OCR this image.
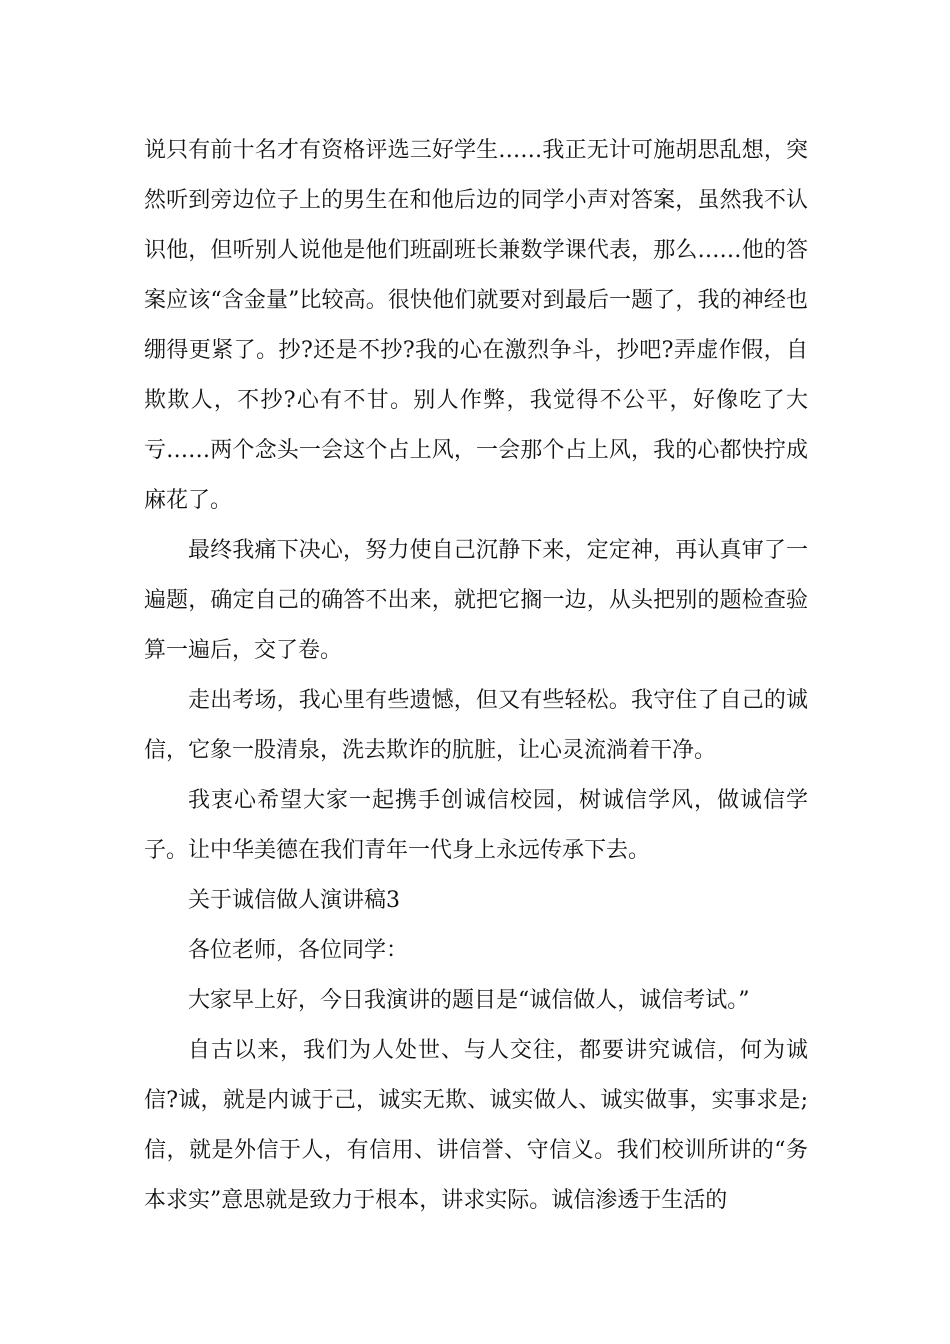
说只有前十名才有资格评选三好学生……我正无计可施胡思乱想，突然听到旁边位子上的男生在和他后边的同学小声对答案，虽然我不认识他，但听别人说他是他们班副班长兼数学课代表，那么……他的答案应该“含金量”比较高。很快他们就要对到最后一题了，我的神经也绷得更紧了。抄?还是不抄?我的心在激烈争斗，抄吧?弄虚作假，自欺欺人，不抄?心有不甘。别人作弊，我觉得不公平，好像吃了大亏……两个念头一会这个占上风，一会那个占上风，我的心都快拧成麻花了。

最终我痛下决心，努力使自己沉静下来，定定神，再认真审了一遍题，确定自己的确答不出来，就把它搁一边，从头把别的题检查验算一遍后，交了卷。

走出考场，我心里有些遗憾，但又有些轻松。我守住了自己的诚信，它象一股清泉，洗去欺诈的肮脏，让心灵流淌着干净。

我衷心希望大家一起携手创诚信校园，树诚信学风，做诚信学子。让中华美德在我们青年一代身上永远传承下去。

关于诚信做人演讲稿3

各位老师，各位同学：

大家早上好，今日我演讲的题目是“诚信做人，诚信考试。”

自古以来，我们为人处世、与人交往，都要讲究诚信，何为诚信?诚，就是内诚于己，诚实无欺、诚实做人、诚实做事，实事求是;信，就是外信于人，有信用、讲信誉、守信义。我们校训所讲的“务本求实”意思就是致力于根本，讲求实际。诚信渗透于生活的
